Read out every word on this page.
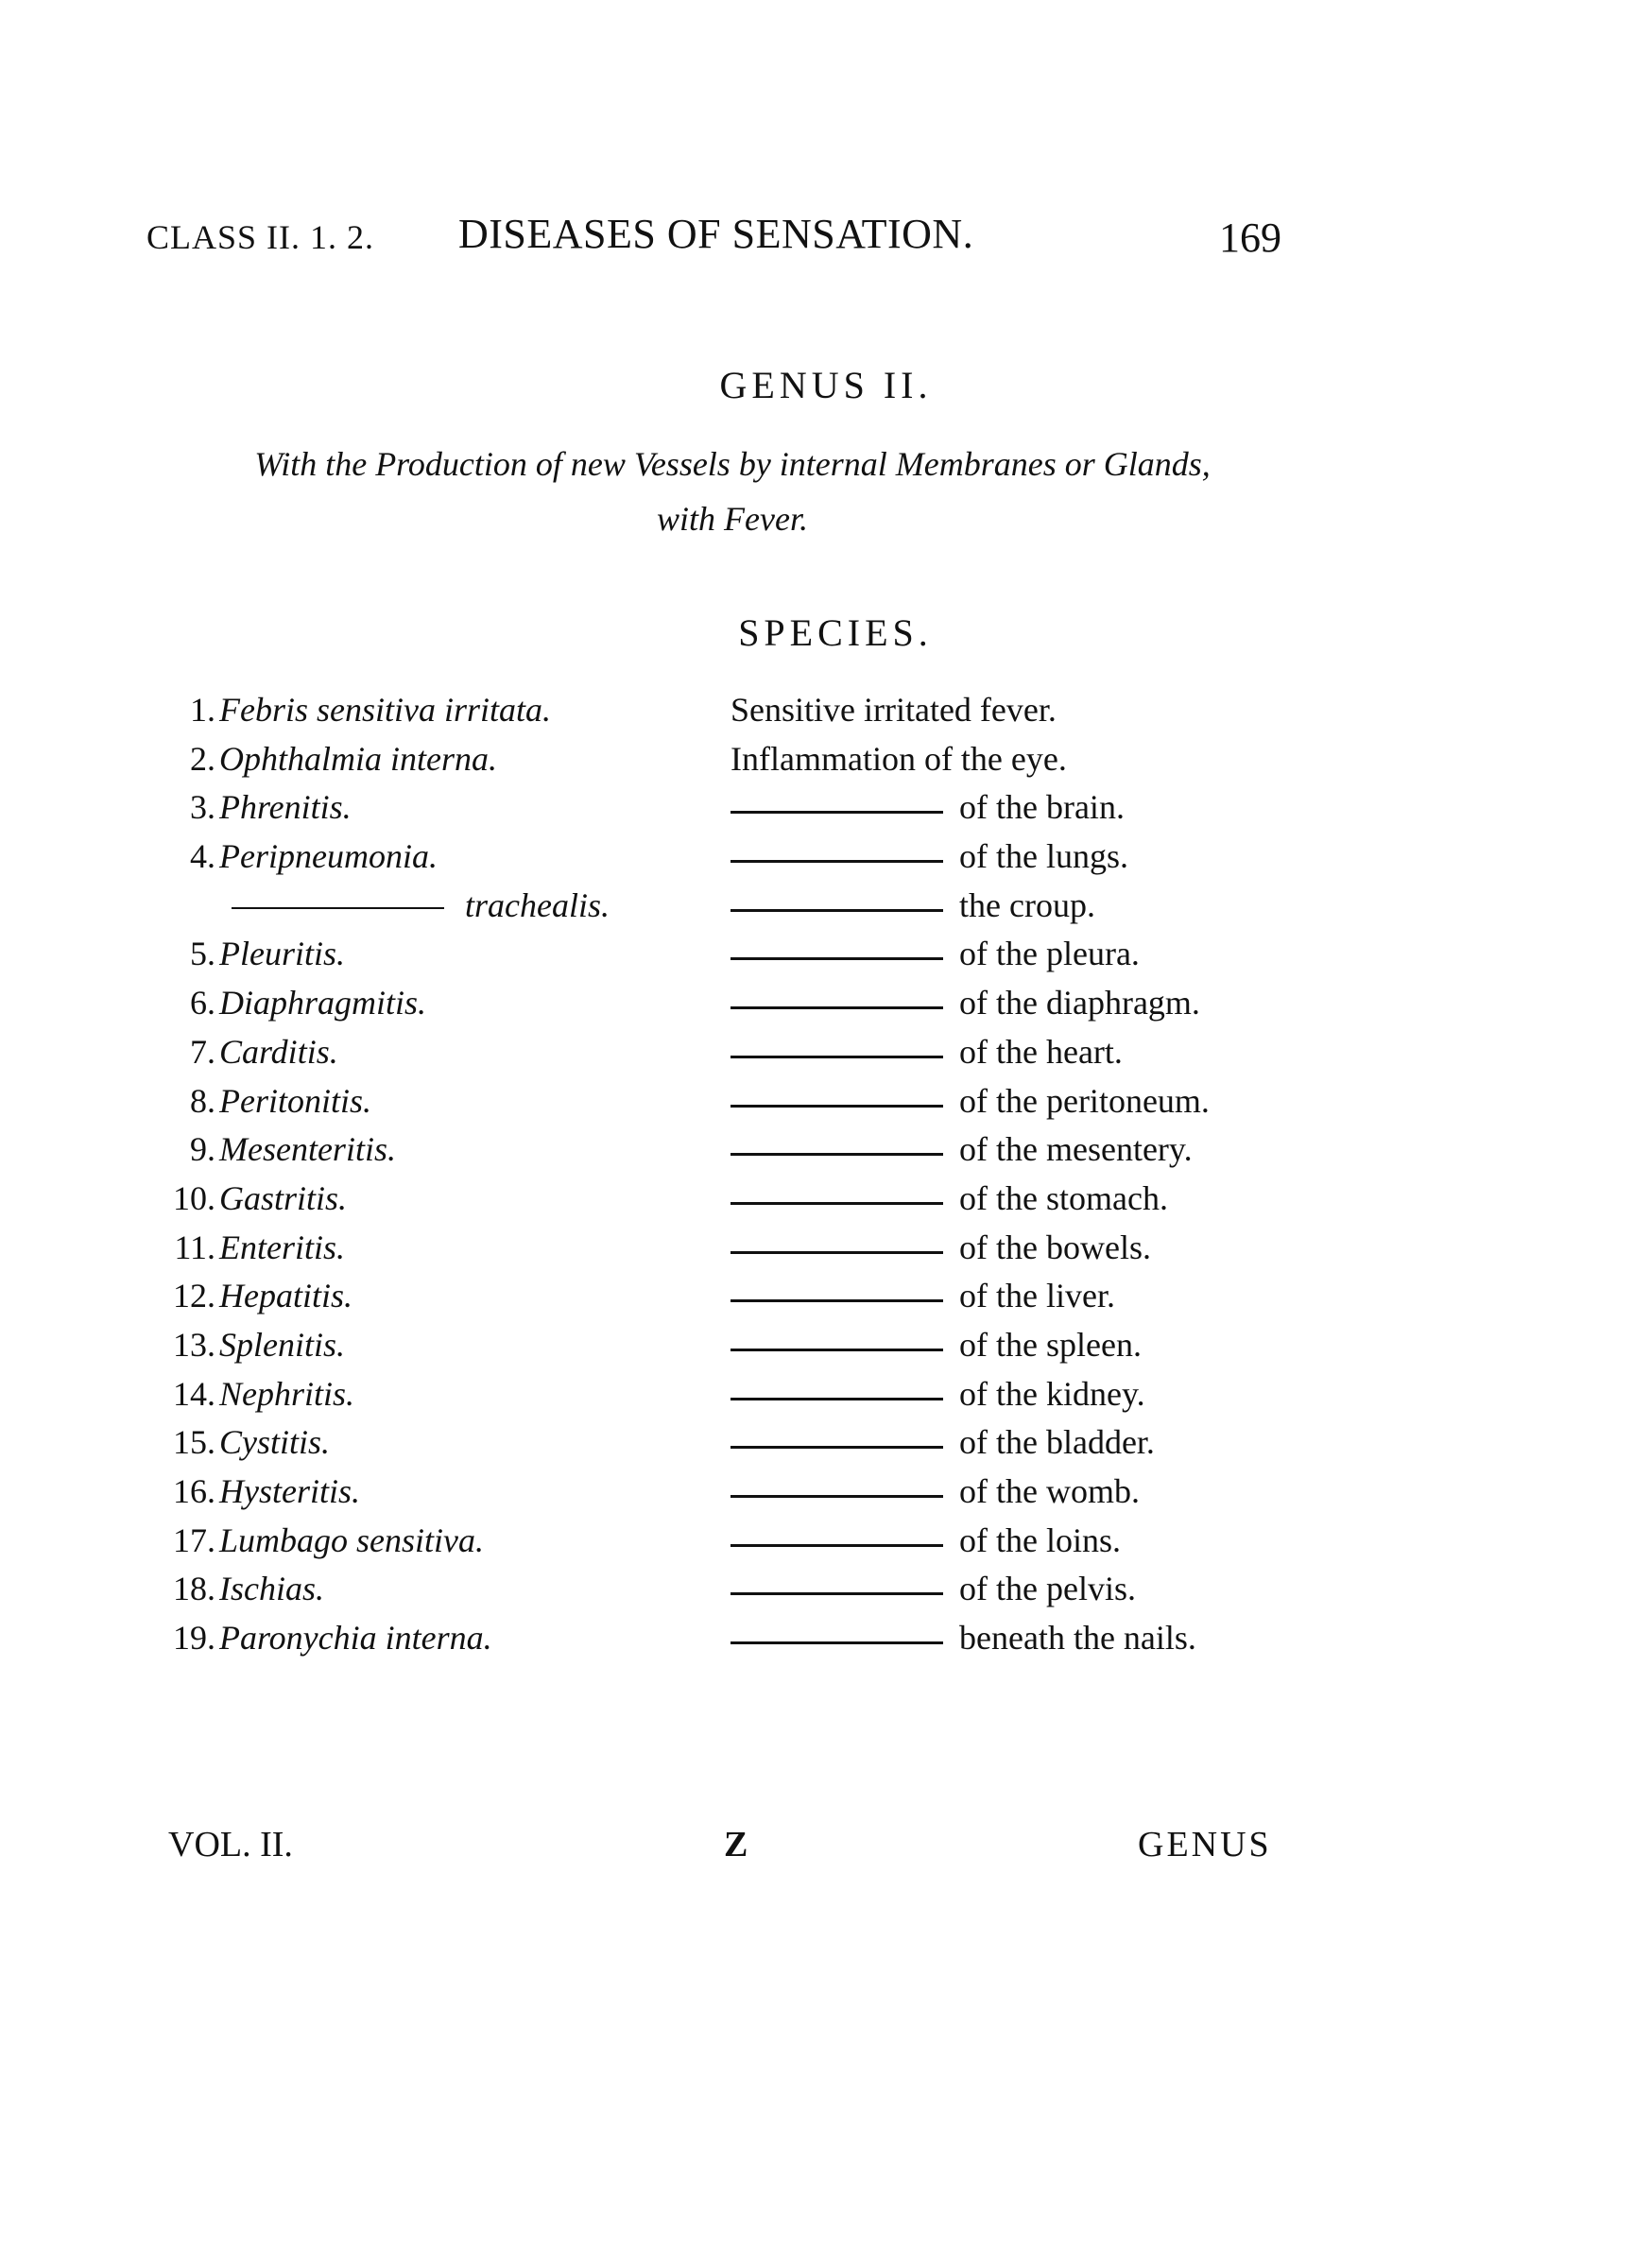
CLASS II. 1. 2. DISEASES OF SENSATION.	169
GENUS II.
With the Production of new Vessels by internal Membranes or Glands,
with Fever.
SPECIES.
1. Febris sensitiva irritata.	Sensitive irritated fever.
2. Ophthalmia interna.	Inflammation of the eye.
3. Phrenitis.	of the brain.
4. Peripneumonia.	of the lungs.
trachealis.	the croup.
5. Pleuritis.	of the pleura.
6. Diaphragmitis.	of the diaphragm.
7. Carditis.	of the heart.
8. Peritonitis.	of the peritoneum.
9. Mesenteritis.	of the mesentery.
10. Gastritis.	of the stomach.
11. Enteritis.	of the bowels.
12. Hepatitis.	of the liver.
13. Splenitis.	of the spleen.
14. Nephritis.	of the kidney.
15. Cystitis.	of the bladder.
16. Hysteritis.	of the womb.
17. Lumbago sensitiva.	of the loins.
18. Ischias.	of the pelvis.
19. Paronychia interna.	beneath the nails.
VOL. II.	Z	GENUS
